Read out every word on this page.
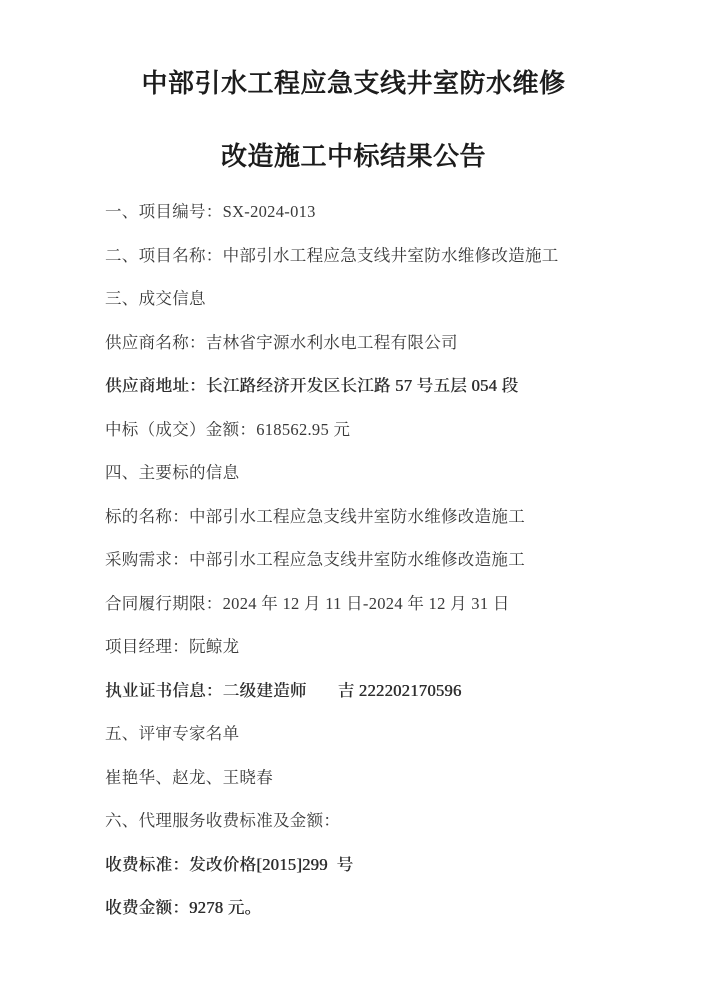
中部引水工程应急支线井室防水维修
改造施工中标结果公告

一、项目编号：SX-2024-013

二、项目名称：中部引水工程应急支线井室防水维修改造施工

三、成交信息

供应商名称：吉林省宇源水利水电工程有限公司

供应商地址：长江路经济开发区长江路 57 号五层 054 段

中标（成交）金额：618562.95 元

四、主要标的信息

标的名称：中部引水工程应急支线井室防水维修改造施工

采购需求：中部引水工程应急支线井室防水维修改造施工

合同履行期限：2024 年 12 月 11 日-2024 年 12 月 31 日

项目经理：阮鲸龙

执业证书信息：二级建造师       吉 222202170596

五、评审专家名单

崔艳华、赵龙、王晓春

六、代理服务收费标准及金额：

收费标准：发改价格[2015]299  号

收费金额：9278 元。
